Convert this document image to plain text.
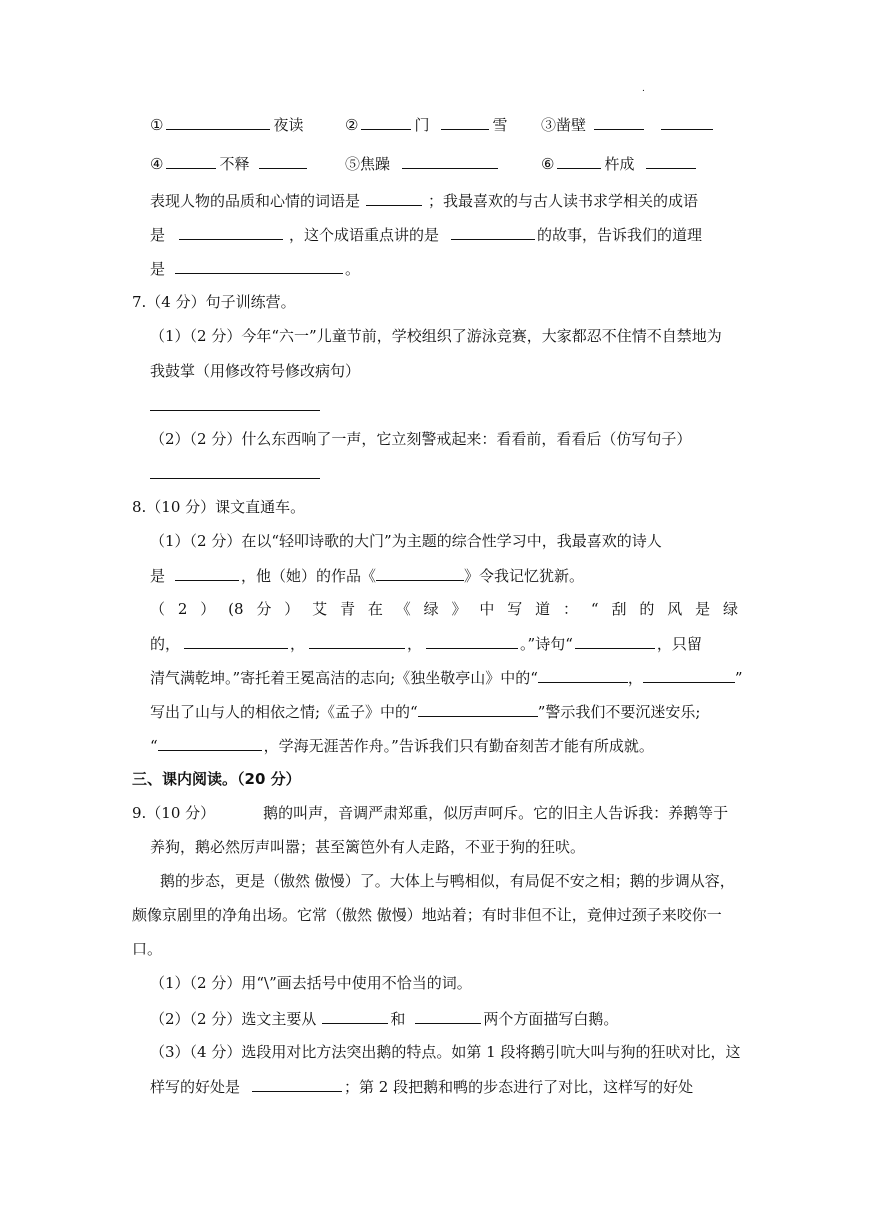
.
①	夜读	②	门	雪 ③凿壁
④	不释	⑤焦躁	⑥	杵成
表现人物的品质和心情的词语是	；我最喜欢的与古人读书求学相关的成语
是	，这个成语重点讲的是	的故事，告诉我们的道理
是	。
7.（4 分）句子训练营。
（1）（2 分）今年“六一”儿童节前，学校组织了游泳竞赛，大家都忍不住情不自禁地为
我鼓掌（用修改符号修改病句）
（2）（2 分）什么东西响了一声，它立刻警戒起来：看看前，看看后（仿写句子）
8.（10 分）课文直通车。
（1）（2 分）在以“轻叩诗歌的大门”为主题的综合性学习中，我最喜欢的诗人
是	，他（她）的作品《	》令我记忆犹新。
（ 2 ） (8 分 ） 艾 青 在 《 绿 》 中 写 道 ： “ 刮 的 风 是 绿
的，	，	，	。”诗句“	，只留
清气满乾坤。”寄托着王冕高洁的志向;《独坐敬亭山》中的“	，	”
写出了山与人的相依之情;《孟子》中的“	”警示我们不要沉迷安乐;
“	，学海无涯苦作舟。”告诉我们只有勤奋刻苦才能有所成就。
三、课内阅读。（20 分）
9.（10 分）	鹅的叫声，音调严肃郑重，似厉声呵斥。它的旧主人告诉我：养鹅等于
养狗，鹅必然厉声叫嚣；甚至篱笆外有人走路，不亚于狗的狂吠。
鹅的步态，更是（傲然 傲慢）了。大体上与鸭相似，有局促不安之相；鹅的步调从容，
颇像京剧里的净角出场。它常（傲然 傲慢）地站着；有时非但不让，竟伸过颈子来咬你一
口。
（1）（2 分）用“\”画去括号中使用不恰当的词。
（2）（2 分）选文主要从	和	两个方面描写白鹅。
（3）（4 分）选段用对比方法突出鹅的特点。如第 1 段将鹅引吭大叫与狗的狂吠对比，这
样写的好处是	；第 2 段把鹅和鸭的步态进行了对比，这样写的好处
